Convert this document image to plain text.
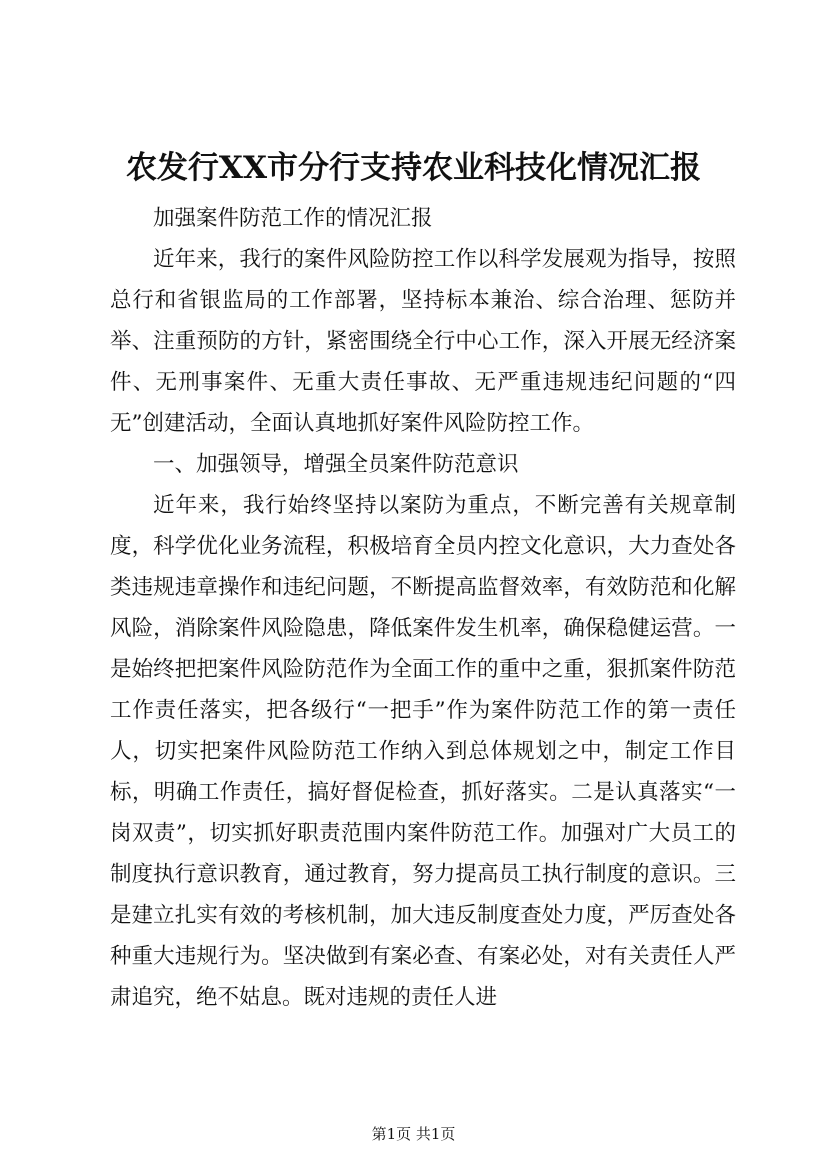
农发行XX市分行支持农业科技化情况汇报

加强案件防范工作的情况汇报

近年来，我行的案件风险防控工作以科学发展观为指导，按照总行和省银监局的工作部署，坚持标本兼治、综合治理、惩防并举、注重预防的方针，紧密围绕全行中心工作，深入开展无经济案件、无刑事案件、无重大责任事故、无严重违规违纪问题的“四无”创建活动，全面认真地抓好案件风险防控工作。

一、加强领导，增强全员案件防范意识

近年来，我行始终坚持以案防为重点，不断完善有关规章制度，科学优化业务流程，积极培育全员内控文化意识，大力查处各类违规违章操作和违纪问题，不断提高监督效率，有效防范和化解风险，消除案件风险隐患，降低案件发生机率，确保稳健运营。一是始终把把案件风险防范作为全面工作的重中之重，狠抓案件防范工作责任落实，把各级行“一把手”作为案件防范工作的第一责任人，切实把案件风险防范工作纳入到总体规划之中，制定工作目标，明确工作责任，搞好督促检查，抓好落实。二是认真落实“一岗双责”，切实抓好职责范围内案件防范工作。加强对广大员工的制度执行意识教育，通过教育，努力提高员工执行制度的意识。三是建立扎实有效的考核机制，加大违反制度查处力度，严厉查处各种重大违规行为。坚决做到有案必查、有案必处，对有关责任人严肃追究，绝不姑息。既对违规的责任人进

第1页 共1页
